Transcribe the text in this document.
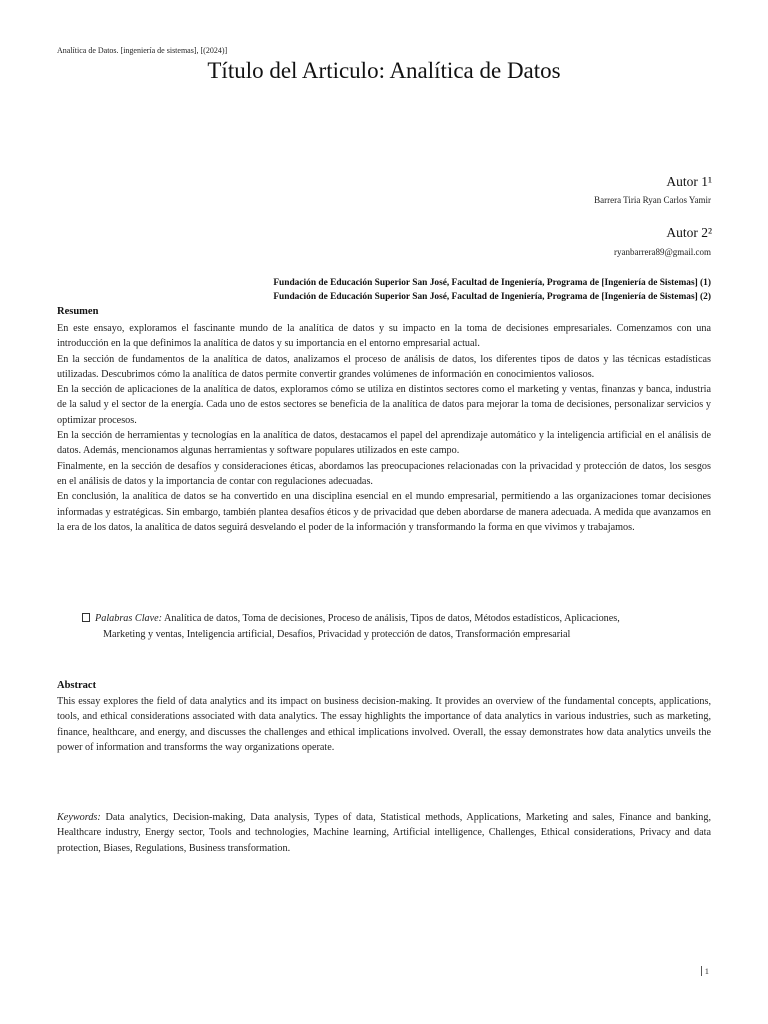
Analítica de Datos. [ingeniería de sistemas], [(2024)]
Título del Articulo: Analítica de Datos
Autor 1¹
Barrera Tiria Ryan Carlos Yamir
Autor 2²
ryanbarrera89@gmail.com
Fundación de Educación Superior San José, Facultad de Ingeniería, Programa de [Ingeniería de Sistemas] (1)
Fundación de Educación Superior San José, Facultad de Ingeniería, Programa de [Ingeniería de Sistemas] (2)
Resumen

En este ensayo, exploramos el fascinante mundo de la analítica de datos y su impacto en la toma de decisiones empresariales. Comenzamos con una introducción en la que definimos la analítica de datos y su importancia en el entorno empresarial actual.

En la sección de fundamentos de la analítica de datos, analizamos el proceso de análisis de datos, los diferentes tipos de datos y las técnicas estadísticas utilizadas. Descubrimos cómo la analítica de datos permite convertir grandes volúmenes de información en conocimientos valiosos.

En la sección de aplicaciones de la analítica de datos, exploramos cómo se utiliza en distintos sectores como el marketing y ventas, finanzas y banca, industria de la salud y el sector de la energía. Cada uno de estos sectores se beneficia de la analítica de datos para mejorar la toma de decisiones, personalizar servicios y optimizar procesos.

En la sección de herramientas y tecnologías en la analítica de datos, destacamos el papel del aprendizaje automático y la inteligencia artificial en el análisis de datos. Además, mencionamos algunas herramientas y software populares utilizados en este campo.

Finalmente, en la sección de desafíos y consideraciones éticas, abordamos las preocupaciones relacionadas con la privacidad y protección de datos, los sesgos en el análisis de datos y la importancia de contar con regulaciones adecuadas.

En conclusión, la analítica de datos se ha convertido en una disciplina esencial en el mundo empresarial, permitiendo a las organizaciones tomar decisiones informadas y estratégicas. Sin embargo, también plantea desafíos éticos y de privacidad que deben abordarse de manera adecuada. A medida que avanzamos en la era de los datos, la analítica de datos seguirá desvelando el poder de la información y transformando la forma en que vivimos y trabajamos.

Palabras Clave: Analítica de datos, Toma de decisiones, Proceso de análisis, Tipos de datos, Métodos estadísticos, Aplicaciones,
Marketing y ventas, Inteligencia artificial, Desafíos, Privacidad y protección de datos, Transformación empresarial
Abstract
This essay explores the field of data analytics and its impact on business decision-making. It provides an overview of the fundamental concepts, applications, tools, and ethical considerations associated with data analytics. The essay highlights the importance of data analytics in various industries, such as marketing, finance, healthcare, and energy, and discusses the challenges and ethical implications involved. Overall, the essay demonstrates how data analytics unveils the power of information and transforms the way organizations operate.
Keywords: Data analytics, Decision-making, Data analysis, Types of data, Statistical methods, Applications, Marketing and sales, Finance and banking, Healthcare industry, Energy sector, Tools and technologies, Machine learning, Artificial intelligence, Challenges, Ethical considerations, Privacy and data protection, Biases, Regulations, Business transformation.
1
